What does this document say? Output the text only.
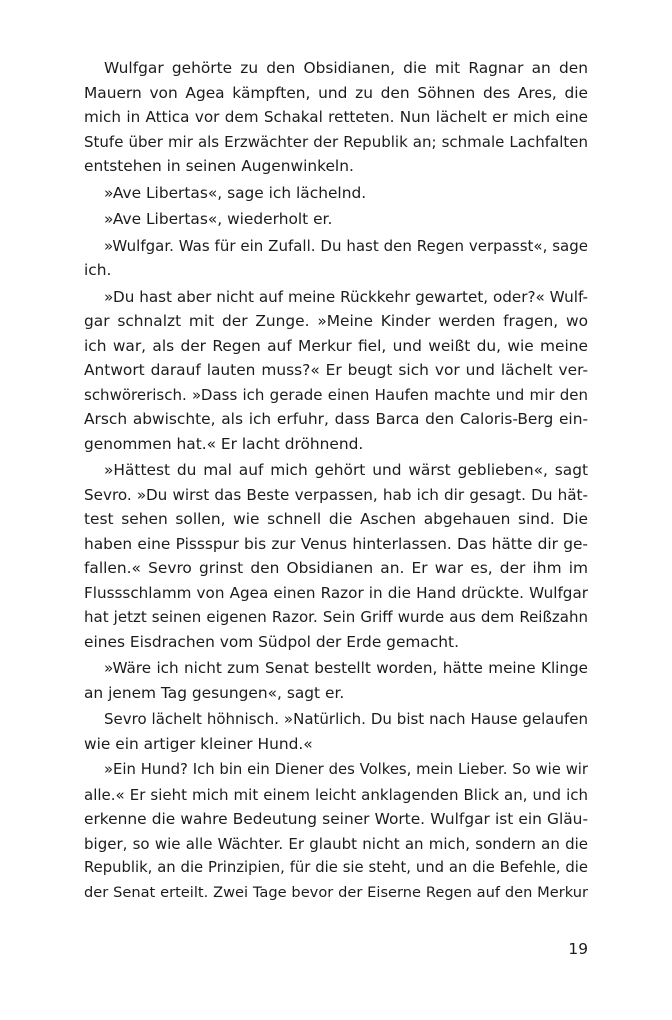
Wulfgar gehörte zu den Obsidianen, die mit Ragnar an den
Mauern von Agea kämpften, und zu den Söhnen des Ares, die
mich in Attica vor dem Schakal retteten. Nun lächelt er mich eine
Stufe über mir als Erzwächter der Republik an; schmale Lachfalten
entstehen in seinen Augenwinkeln.
»Ave Libertas«, sage ich lächelnd.
»Ave Libertas«, wiederholt er.
»Wulfgar. Was für ein Zufall. Du hast den Regen verpasst«, sage
ich.
»Du hast aber nicht auf meine Rückkehr gewartet, oder?« Wulf-
gar schnalzt mit der Zunge. »Meine Kinder werden fragen, wo
ich war, als der Regen auf Merkur fiel, und weißt du, wie meine
Antwort darauf lauten muss?« Er beugt sich vor und lächelt ver-
schwörerisch. »Dass ich gerade einen Haufen machte und mir den
Arsch abwischte, als ich erfuhr, dass Barca den Caloris-Berg ein-
genommen hat.« Er lacht dröhnend.
»Hättest du mal auf mich gehört und wärst geblieben«, sagt
Sevro. »Du wirst das Beste verpassen, hab ich dir gesagt. Du hät-
test sehen sollen, wie schnell die Aschen abgehauen sind. Die
haben eine Pissspur bis zur Venus hinterlassen. Das hätte dir ge-
fallen.« Sevro grinst den Obsidianen an. Er war es, der ihm im
Flussschlamm von Agea einen Razor in die Hand drückte. Wulfgar
hat jetzt seinen eigenen Razor. Sein Griff wurde aus dem Reißzahn
eines Eisdrachen vom Südpol der Erde gemacht.
»Wäre ich nicht zum Senat bestellt worden, hätte meine Klinge
an jenem Tag gesungen«, sagt er.
Sevro lächelt höhnisch. »Natürlich. Du bist nach Hause gelaufen
wie ein artiger kleiner Hund.«
»Ein Hund? Ich bin ein Diener des Volkes, mein Lieber. So wie wir
alle.« Er sieht mich mit einem leicht anklagenden Blick an, und ich
erkenne die wahre Bedeutung seiner Worte. Wulfgar ist ein Gläu-
biger, so wie alle Wächter. Er glaubt nicht an mich, sondern an die
Republik, an die Prinzipien, für die sie steht, und an die Befehle, die
der Senat erteilt. Zwei Tage bevor der Eiserne Regen auf den Merkur
19
